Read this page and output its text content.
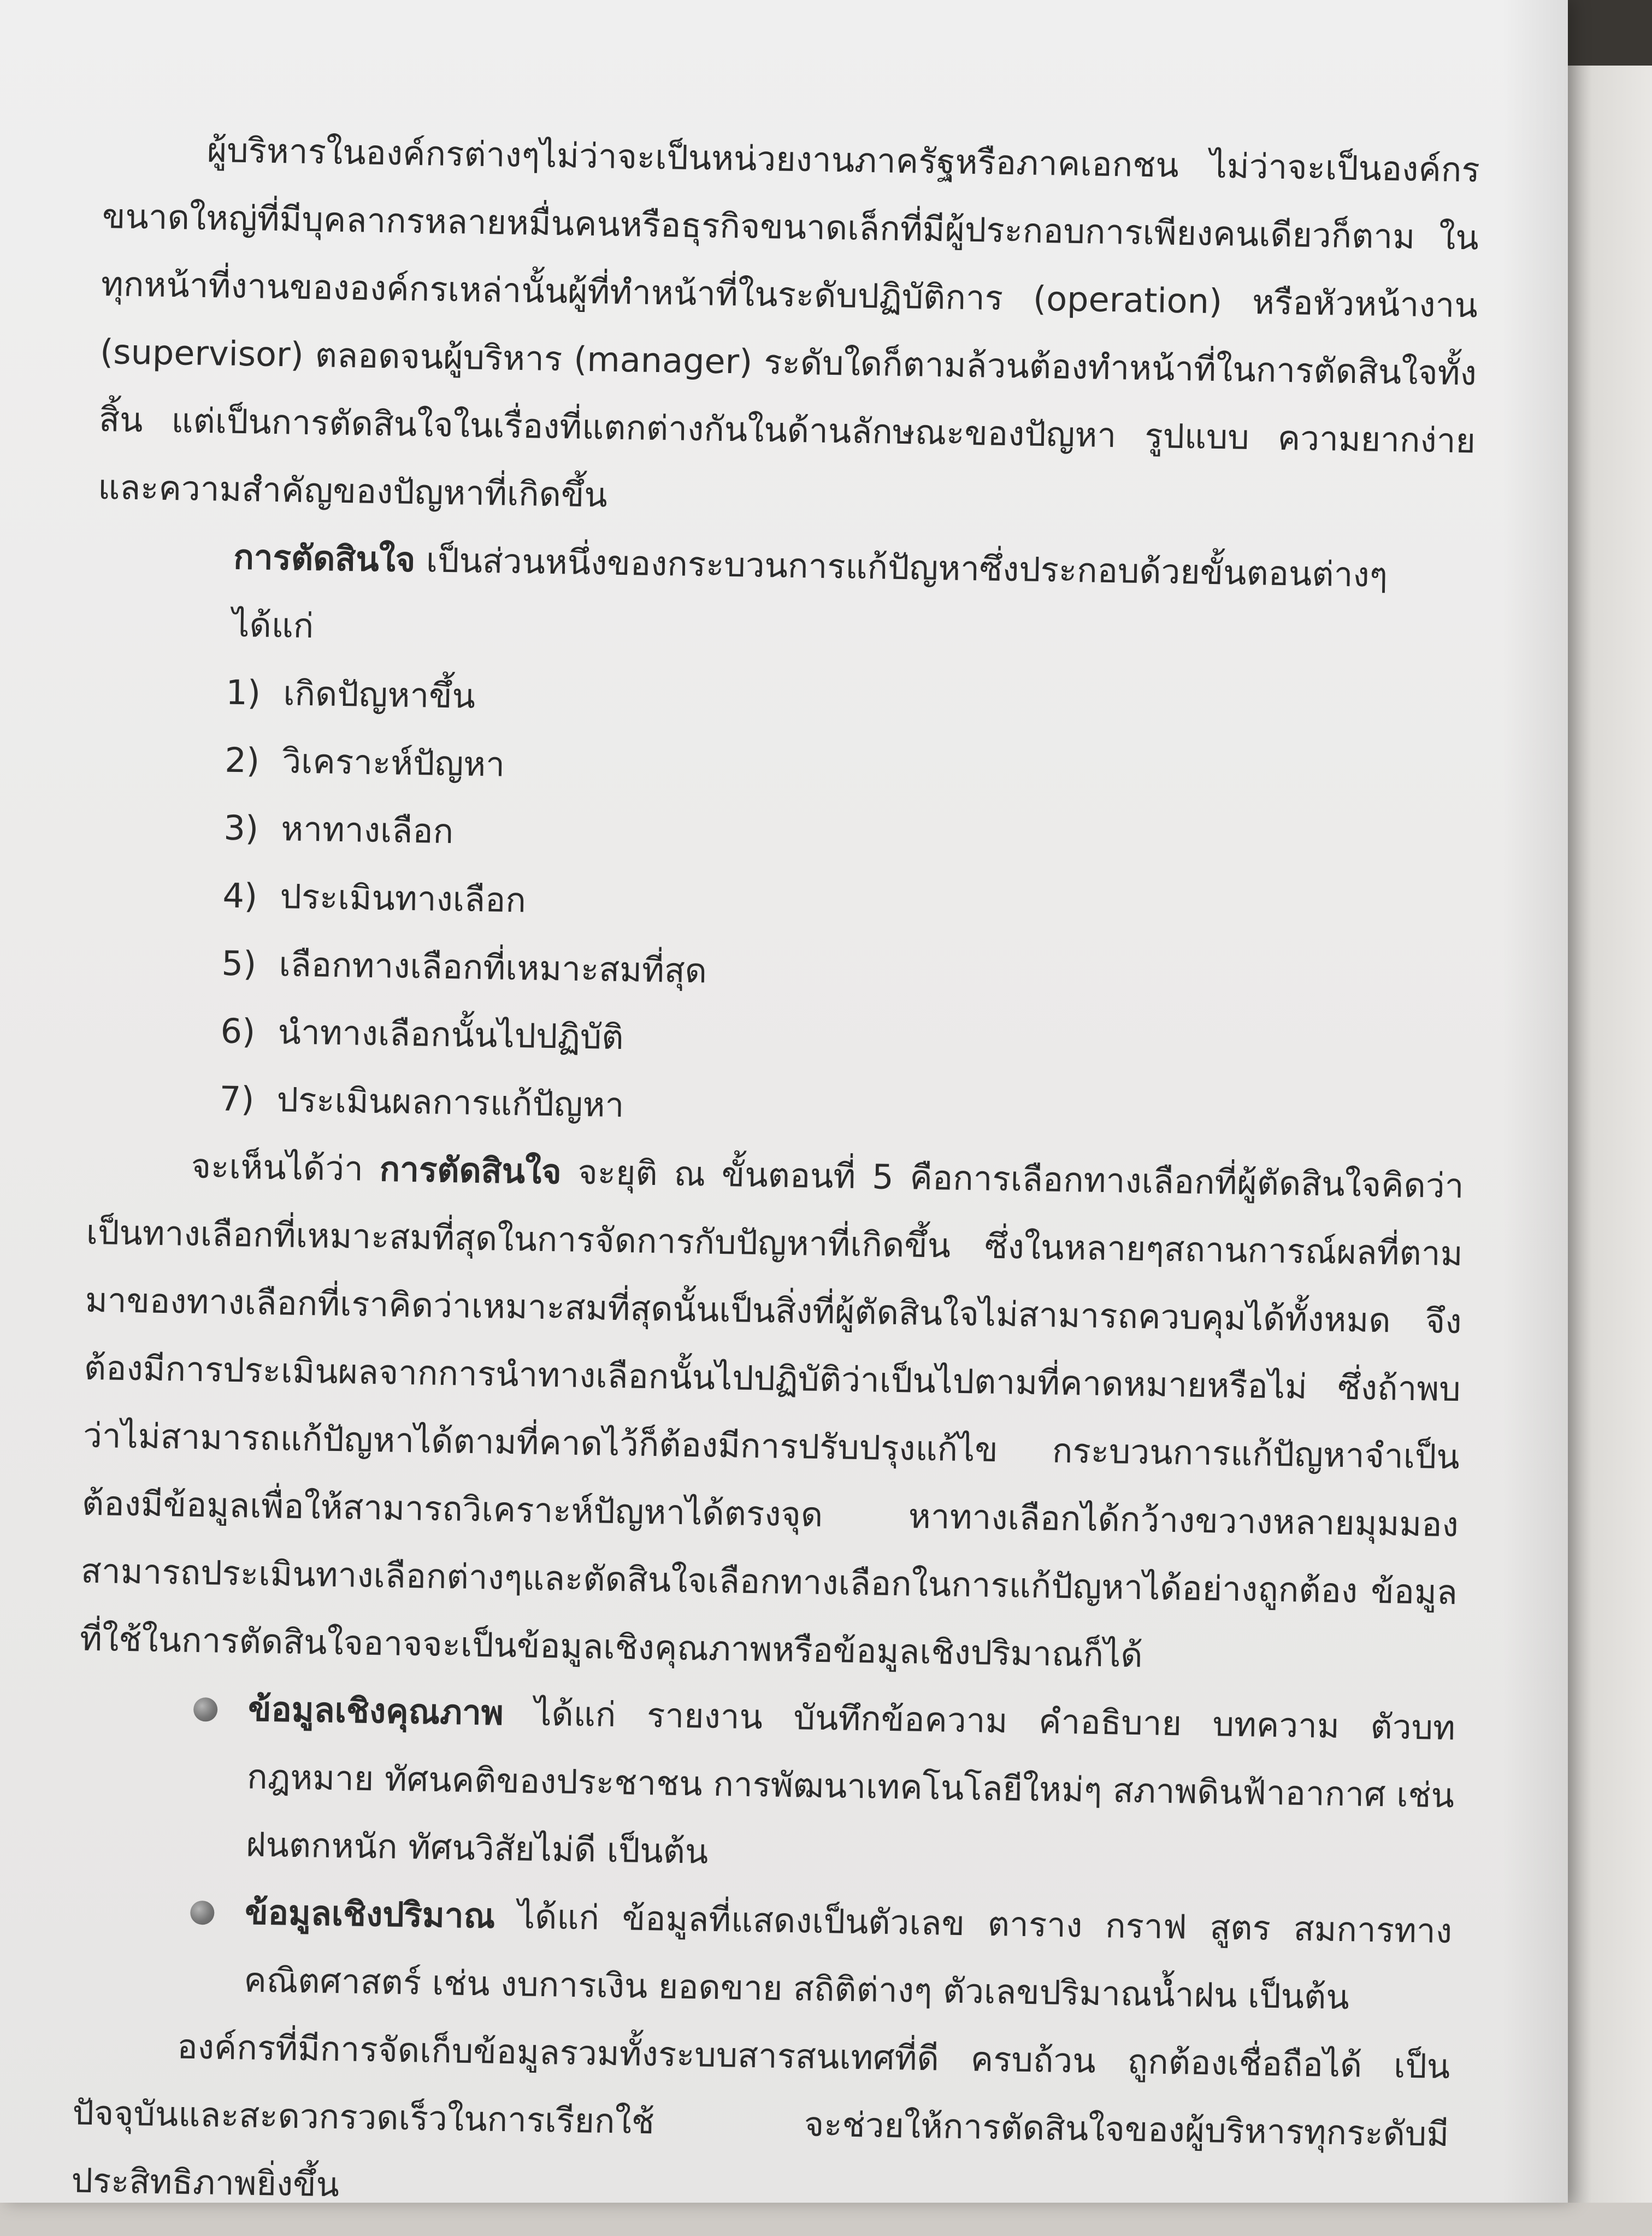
ผู้บริหารในองค์กรต่างๆไม่ว่าจะเป็นหน่วยงานภาครัฐหรือภาคเอกชน ไม่ว่าจะเป็นองค์กรขนาดใหญ่ที่มีบุคลากรหลายหมื่นคนหรือธุรกิจขนาดเล็กที่มีผู้ประกอบการเพียงคนเดียวก็ตาม ในทุกหน้าที่งานขององค์กรเหล่านั้นผู้ที่ทำหน้าที่ในระดับปฏิบัติการ (operation) หรือหัวหน้างาน (supervisor) ตลอดจนผู้บริหาร (manager) ระดับใดก็ตามล้วนต้องทำหน้าที่ในการตัดสินใจทั้งสิ้น แต่เป็นการตัดสินใจในเรื่องที่แตกต่างกันในด้านลักษณะของปัญหา รูปแบบ ความยากง่าย และความสำคัญของปัญหาที่เกิดขึ้น

การตัดสินใจ เป็นส่วนหนึ่งของกระบวนการแก้ปัญหาซึ่งประกอบด้วยขั้นตอนต่างๆ ได้แก่

1) เกิดปัญหาขึ้น
2) วิเคราะห์ปัญหา
3) หาทางเลือก
4) ประเมินทางเลือก
5) เลือกทางเลือกที่เหมาะสมที่สุด
6) นำทางเลือกนั้นไปปฏิบัติ
7) ประเมินผลการแก้ปัญหา

จะเห็นได้ว่า การตัดสินใจ จะยุติ ณ ขั้นตอนที่ 5 คือการเลือกทางเลือกที่ผู้ตัดสินใจคิดว่าเป็นทางเลือกที่เหมาะสมที่สุดในการจัดการกับปัญหาที่เกิดขึ้น ซึ่งในหลายๆสถานการณ์ผลที่ตามมาของทางเลือกที่เราคิดว่าเหมาะสมที่สุดนั้นเป็นสิ่งที่ผู้ตัดสินใจไม่สามารถควบคุมได้ทั้งหมด จึงต้องมีการประเมินผลจากการนำทางเลือกนั้นไปปฏิบัติว่าเป็นไปตามที่คาดหมายหรือไม่ ซึ่งถ้าพบว่าไม่สามารถแก้ปัญหาได้ตามที่คาดไว้ก็ต้องมีการปรับปรุงแก้ไข กระบวนการแก้ปัญหาจำเป็นต้องมีข้อมูลเพื่อให้สามารถวิเคราะห์ปัญหาได้ตรงจุด หาทางเลือกได้กว้างขวางหลายมุมมอง สามารถประเมินทางเลือกต่างๆและตัดสินใจเลือกทางเลือกในการแก้ปัญหาได้อย่างถูกต้อง ข้อมูลที่ใช้ในการตัดสินใจอาจจะเป็นข้อมูลเชิงคุณภาพหรือข้อมูลเชิงปริมาณก็ได้

ข้อมูลเชิงคุณภาพ ได้แก่ รายงาน บันทึกข้อความ คำอธิบาย บทความ ตัวบทกฎหมาย ทัศนคติของประชาชน การพัฒนาเทคโนโลยีใหม่ๆ สภาพดินฟ้าอากาศ เช่น ฝนตกหนัก ทัศนวิสัยไม่ดี เป็นต้น
ข้อมูลเชิงปริมาณ ได้แก่ ข้อมูลที่แสดงเป็นตัวเลข ตาราง กราฟ สูตร สมการทางคณิตศาสตร์ เช่น งบการเงิน ยอดขาย สถิติต่างๆ ตัวเลขปริมาณน้ำฝน เป็นต้น

องค์กรที่มีการจัดเก็บข้อมูลรวมทั้งระบบสารสนเทศที่ดี ครบถ้วน ถูกต้องเชื่อถือได้ เป็นปัจจุบันและสะดวกรวดเร็วในการเรียกใช้ จะช่วยให้การตัดสินใจของผู้บริหารทุกระดับมีประสิทธิภาพยิ่งขึ้น
